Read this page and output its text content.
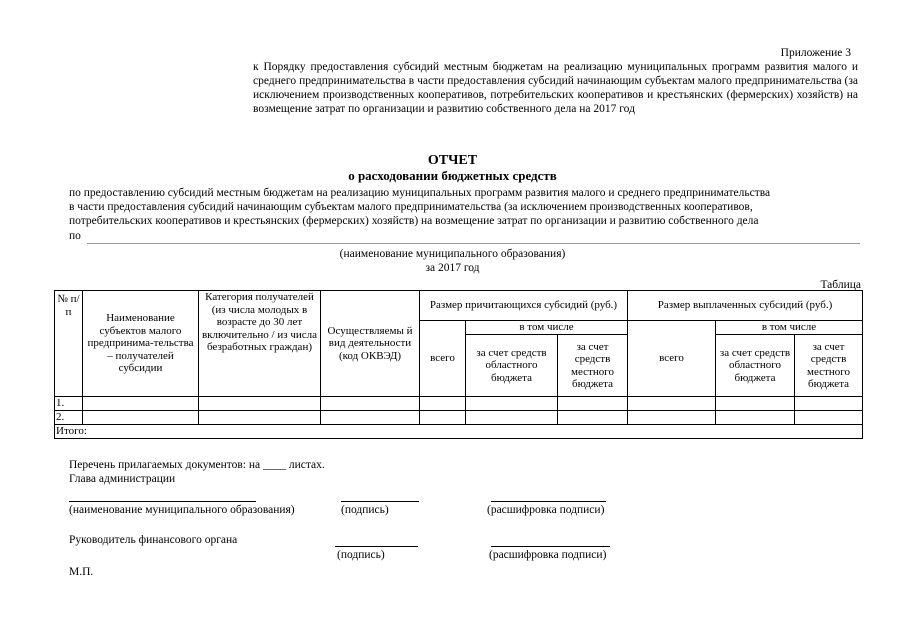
Приложение 3
к Порядку предоставления субсидий местным бюджетам на реализацию муниципальных программ развития малого и среднего предпринимательства в части предоставления субсидий начинающим субъектам малого предпринимательства (за исключением производственных кооперативов, потребительских кооперативов и крестьянских (фермерских) хозяйств) на возмещение затрат по организации и развитию собственного дела на 2017 год
ОТЧЕТ
о расходовании бюджетных средств
по предоставлению субсидий местным бюджетам на реализацию муниципальных программ развития малого и среднего предпринимательства
в части предоставления субсидий начинающим субъектам малого предпринимательства (за исключением производственных кооперативов,
потребительских кооперативов и крестьянских (фермерских) хозяйств) на возмещение затрат по организации и развитию собственного дела
по
(наименование муниципального образования)
за 2017 год
Таблица
№ п/п	Наименование субъектов малого предпринима-тельства – получателей субсидии	Категория получателей (из числа молодых в возрасте до 30 лет включительно / из числа безработных граждан)	Осуществляемы й вид деятельности (код ОКВЭД)	Размер причитающихся субсидий (руб.)			Размер выплаченных субсидий (руб.)		
				всего	в том числе		всего	в том числе	
					за счет средств областного бюджета	за счет средств местного бюджета		за счет средств областного бюджета	за счет средств местного бюджета

1.									
2.									
Итого:									
Перечень прилагаемых документов: на ____ листах.
Глава администрации
(наименование муниципального образования)	(подпись)	(расшифровка подписи)
Руководитель финансового органа
(подпись)	(расшифровка подписи)
М.П.
